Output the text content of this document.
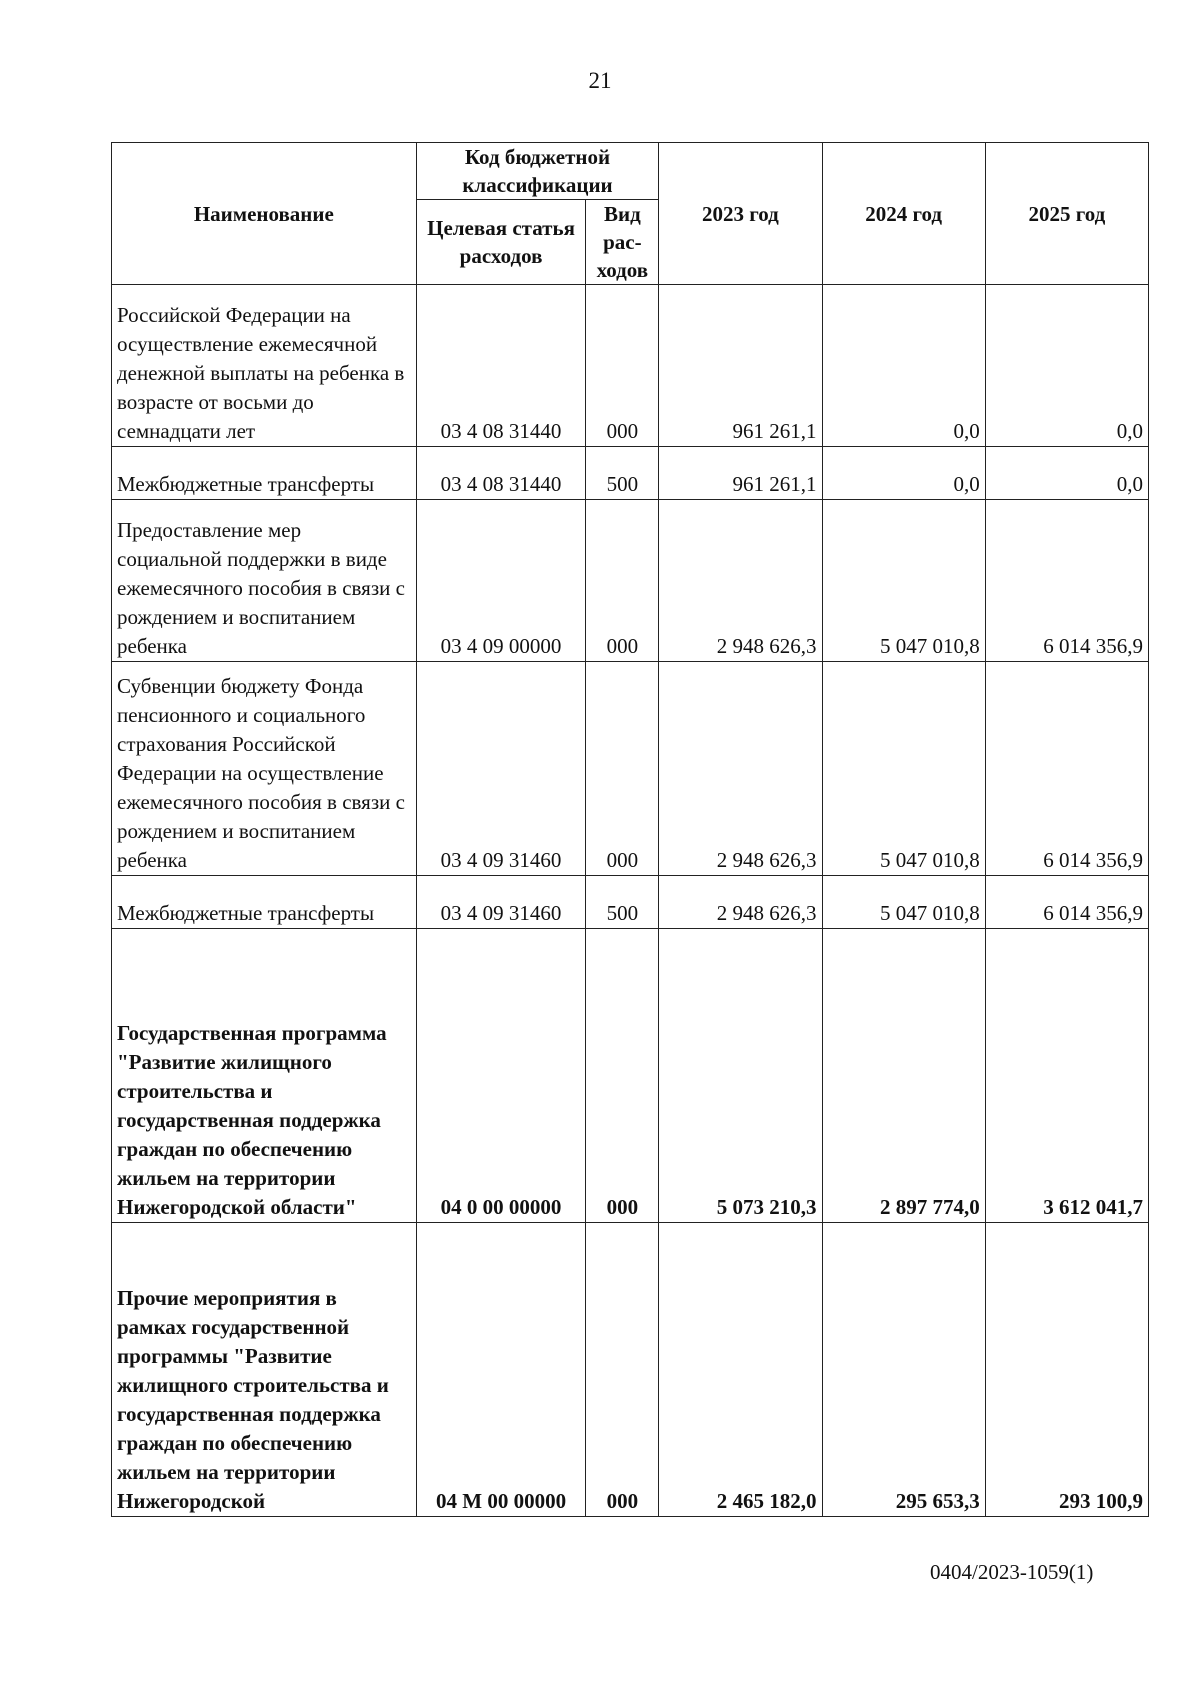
21
Наименование	Код бюджетной классификации		2023 год	2024 год	2025 год
	Целевая статья расходов	Вид рас- ходов			
Российской Федерации на осуществление ежемесячной денежной выплаты на ребенка в возрасте от восьми до семнадцати лет	03 4 08 31440	000	961 261,1	0,0	0,0
Межбюджетные трансферты	03 4 08 31440	500	961 261,1	0,0	0,0
Предоставление мер социальной поддержки в виде ежемесячного пособия в связи с рождением и воспитанием ребенка	03 4 09 00000	000	2 948 626,3	5 047 010,8	6 014 356,9
Субвенции бюджету Фонда пенсионного и социального страхования Российской Федерации на осуществление ежемесячного пособия в связи с рождением и воспитанием ребенка	03 4 09 31460	000	2 948 626,3	5 047 010,8	6 014 356,9
Межбюджетные трансферты	03 4 09 31460	500	2 948 626,3	5 047 010,8	6 014 356,9
Государственная программа "Развитие жилищного строительства и государственная поддержка граждан по обеспечению жильем на территории Нижегородской области"	04 0 00 00000	000	5 073 210,3	2 897 774,0	3 612 041,7
Прочие мероприятия в рамках государственной программы "Развитие жилищного строительства и государственная поддержка граждан по обеспечению жильем на территории Нижегородской	04 М 00 00000	000	2 465 182,0	295 653,3	293 100,9
0404/2023-1059(1)
